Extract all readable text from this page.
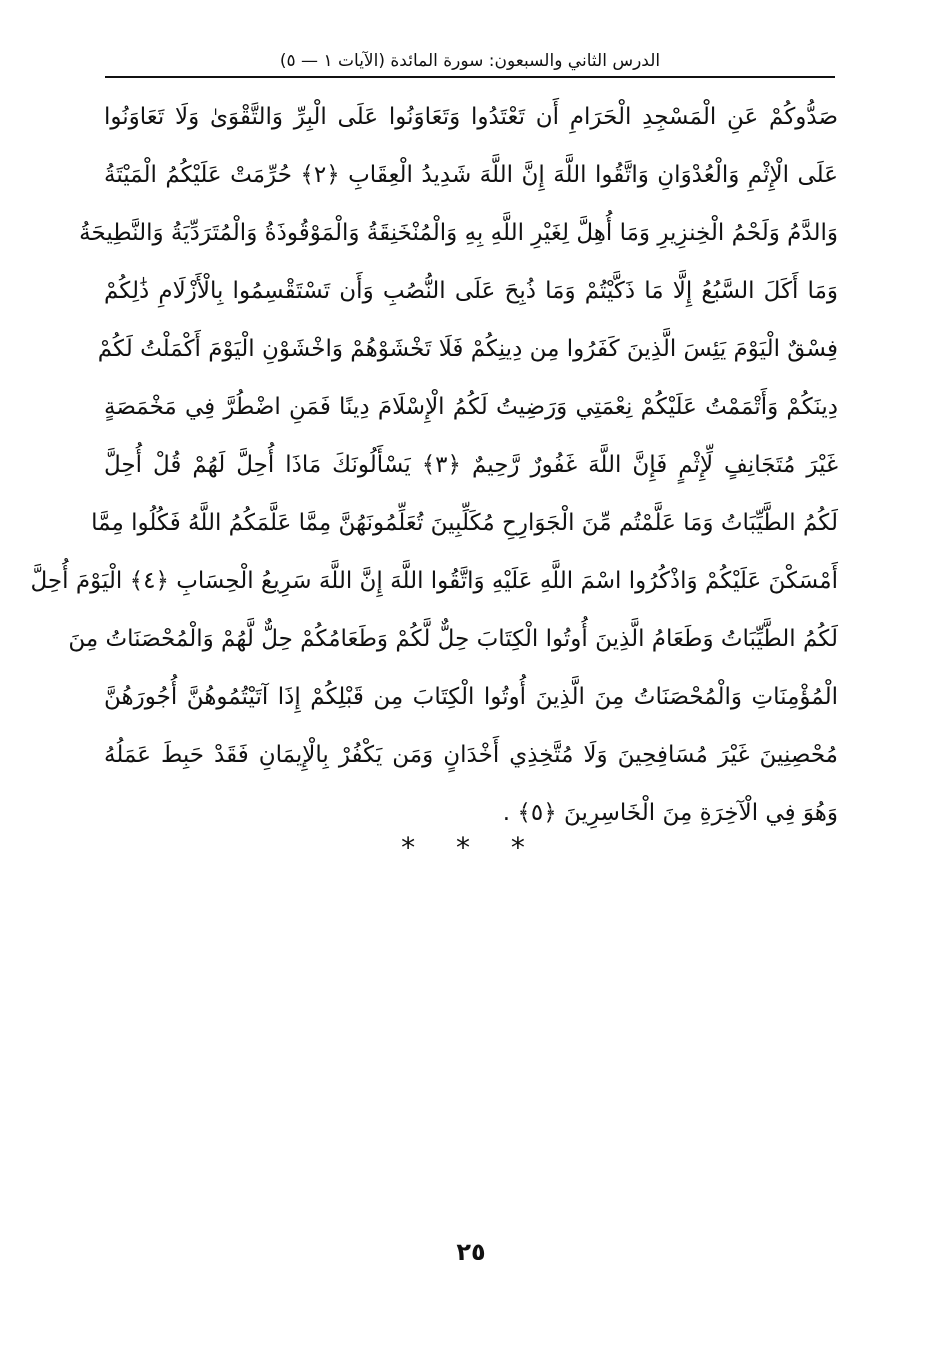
الدرس الثاني والسبعون: سورة المائدة (الآيات ١ — ٥)
صَدُّوكُمْ عَنِ الْمَسْجِدِ الْحَرَامِ أَن تَعْتَدُوا وَتَعَاوَنُوا عَلَى الْبِرِّ وَالتَّقْوَىٰ وَلَا تَعَاوَنُوا
عَلَى الْإِثْمِ وَالْعُدْوَانِ وَاتَّقُوا اللَّهَ إِنَّ اللَّهَ شَدِيدُ الْعِقَابِ ﴿٢﴾ حُرِّمَتْ عَلَيْكُمُ الْمَيْتَةُ
وَالدَّمُ وَلَحْمُ الْخِنزِيرِ وَمَا أُهِلَّ لِغَيْرِ اللَّهِ بِهِ وَالْمُنْخَنِقَةُ وَالْمَوْقُوذَةُ وَالْمُتَرَدِّيَةُ وَالنَّطِيحَةُ
وَمَا أَكَلَ السَّبُعُ إِلَّا مَا ذَكَّيْتُمْ وَمَا ذُبِحَ عَلَى النُّصُبِ وَأَن تَسْتَقْسِمُوا بِالْأَزْلَامِ ذَٰلِكُمْ
فِسْقٌ الْيَوْمَ يَئِسَ الَّذِينَ كَفَرُوا مِن دِينِكُمْ فَلَا تَخْشَوْهُمْ وَاخْشَوْنِ الْيَوْمَ أَكْمَلْتُ لَكُمْ
دِينَكُمْ وَأَتْمَمْتُ عَلَيْكُمْ نِعْمَتِي وَرَضِيتُ لَكُمُ الْإِسْلَامَ دِينًا فَمَنِ اضْطُرَّ فِي مَخْمَصَةٍ
غَيْرَ مُتَجَانِفٍ لِّإِثْمٍ فَإِنَّ اللَّهَ غَفُورٌ رَّحِيمٌ ﴿٣﴾ يَسْأَلُونَكَ مَاذَا أُحِلَّ لَهُمْ قُلْ أُحِلَّ
لَكُمُ الطَّيِّبَاتُ وَمَا عَلَّمْتُم مِّنَ الْجَوَارِحِ مُكَلِّبِينَ تُعَلِّمُونَهُنَّ مِمَّا عَلَّمَكُمُ اللَّهُ فَكُلُوا مِمَّا
أَمْسَكْنَ عَلَيْكُمْ وَاذْكُرُوا اسْمَ اللَّهِ عَلَيْهِ وَاتَّقُوا اللَّهَ إِنَّ اللَّهَ سَرِيعُ الْحِسَابِ ﴿٤﴾ الْيَوْمَ أُحِلَّ
لَكُمُ الطَّيِّبَاتُ وَطَعَامُ الَّذِينَ أُوتُوا الْكِتَابَ حِلٌّ لَّكُمْ وَطَعَامُكُمْ حِلٌّ لَّهُمْ وَالْمُحْصَنَاتُ مِنَ
الْمُؤْمِنَاتِ وَالْمُحْصَنَاتُ مِنَ الَّذِينَ أُوتُوا الْكِتَابَ مِن قَبْلِكُمْ إِذَا آتَيْتُمُوهُنَّ أُجُورَهُنَّ
مُحْصِنِينَ غَيْرَ مُسَافِحِينَ وَلَا مُتَّخِذِي أَخْدَانٍ وَمَن يَكْفُرْ بِالْإِيمَانِ فَقَدْ حَبِطَ عَمَلُهُ
وَهُوَ فِي الْآخِرَةِ مِنَ الْخَاسِرِينَ ﴿٥﴾ .
* * *
٢٥
